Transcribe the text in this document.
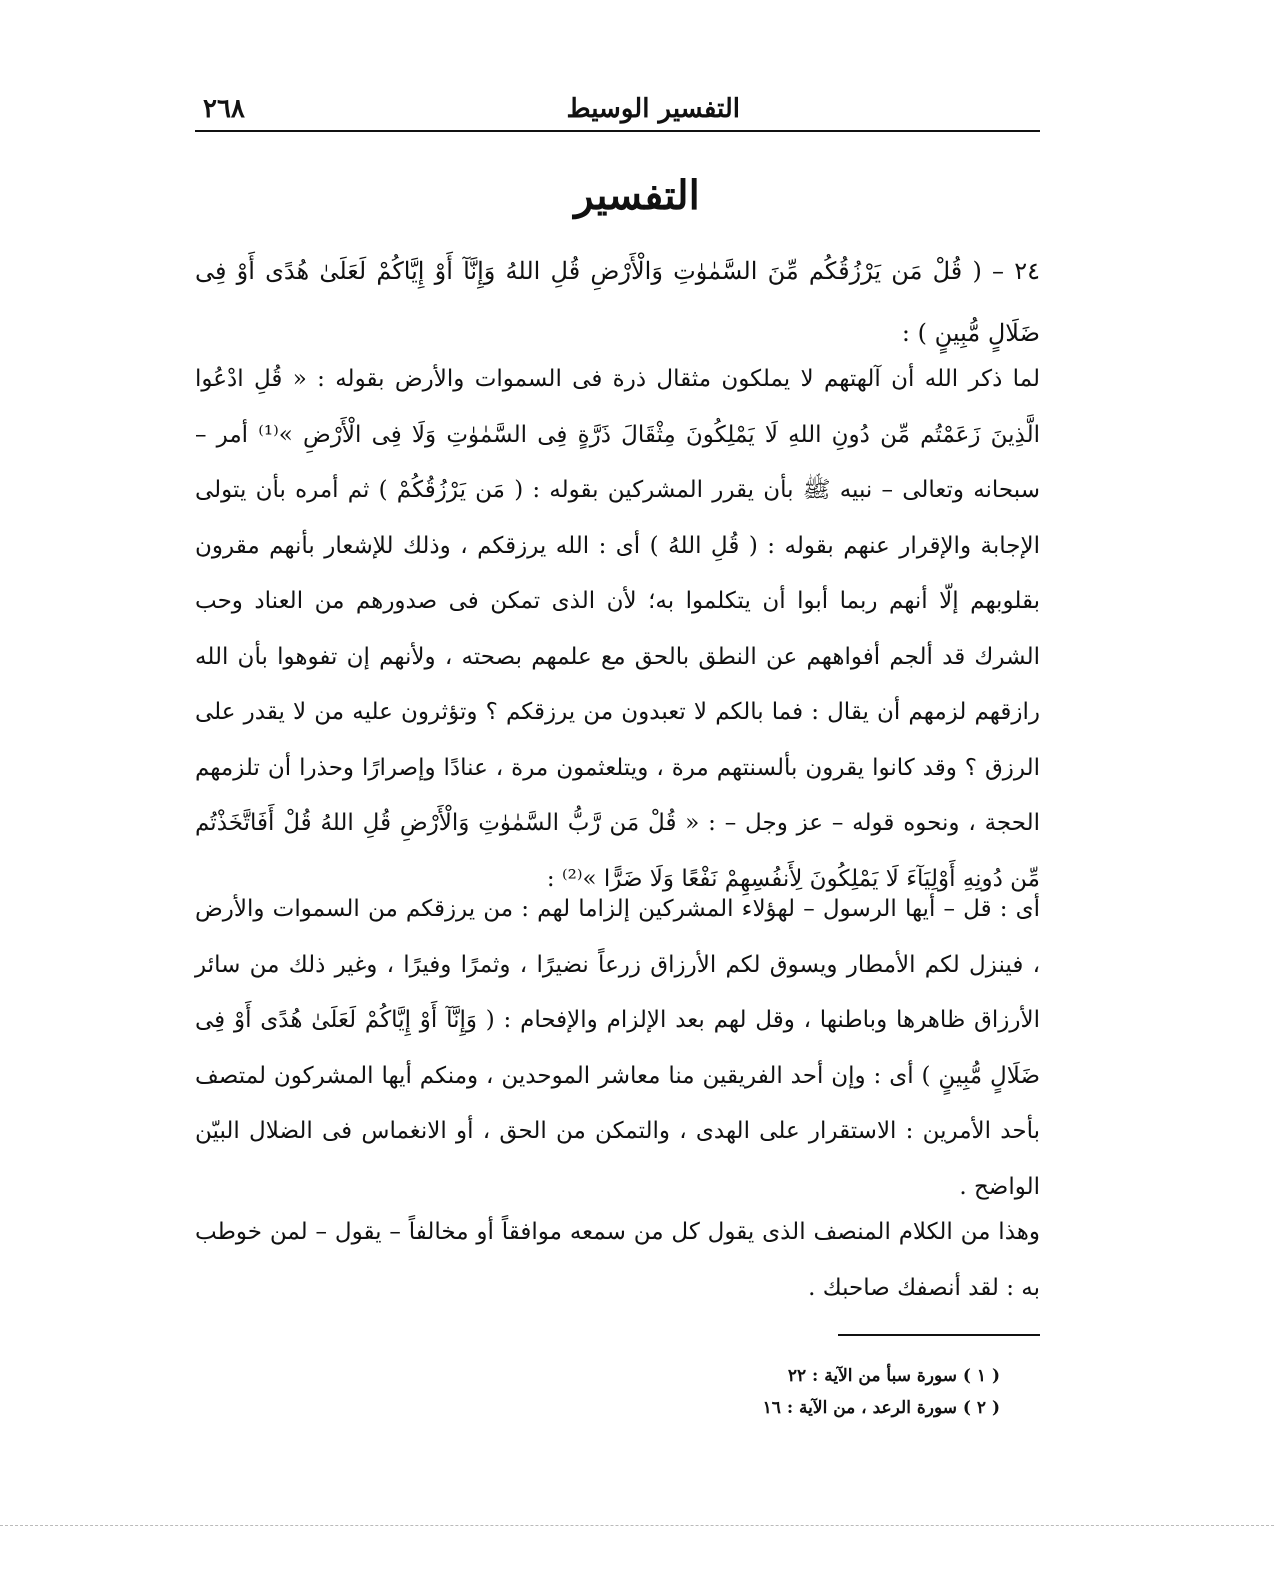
التفسير الوسيط
٢٦٨
التفسير

٢٤ – ( قُلْ مَن يَرْزُقُكُم مِّنَ السَّمٰوٰتِ وَالْأَرْضِ قُلِ اللهُ وَإِنَّآ أَوْ إِيَّاكُمْ لَعَلَىٰ هُدًى أَوْ فِى ضَلَالٍ مُّبِينٍ ) :

لما ذكر الله أن آلهتهم لا يملكون مثقال ذرة فى السموات والأرض بقوله : « قُلِ ادْعُوا الَّذِينَ زَعَمْتُم مِّن دُونِ اللهِ لَا يَمْلِكُونَ مِثْقَالَ ذَرَّةٍ فِى السَّمٰوٰتِ وَلَا فِى الْأَرْضِ »⁽¹⁾ أمر – سبحانه وتعالى – نبيه ﷺ بأن يقرر المشركين بقوله : ( مَن يَرْزُقُكُمْ ) ثم أمره بأن يتولى الإجابة والإقرار عنهم بقوله : ( قُلِ اللهُ ) أى : الله يرزقكم ، وذلك للإشعار بأنهم مقرون بقلوبهم إلّا أنهم ربما أبوا أن يتكلموا به؛ لأن الذى تمكن فى صدورهم من العناد وحب الشرك قد ألجم أفواههم عن النطق بالحق مع علمهم بصحته ، ولأنهم إن تفوهوا بأن الله رازقهم لزمهم أن يقال : فما بالكم لا تعبدون من يرزقكم ؟ وتؤثرون عليه من لا يقدر على الرزق ؟ وقد كانوا يقرون بألسنتهم مرة ، ويتلعثمون مرة ، عنادًا وإصرارًا وحذرا أن تلزمهم الحجة ، ونحوه قوله – عز وجل – : « قُلْ مَن رَّبُّ السَّمٰوٰتِ وَالْأَرْضِ قُلِ اللهُ قُلْ أَفَاتَّخَذْتُم مِّن دُونِهِ أَوْلِيَآءَ لَا يَمْلِكُونَ لِأَنفُسِهِمْ نَفْعًا وَلَا ضَرًّا »⁽²⁾ :

أى : قل – أيها الرسول – لهؤلاء المشركين إلزاما لهم : من يرزقكم من السموات والأرض ، فينزل لكم الأمطار ويسوق لكم الأرزاق زرعاً نضيرًا ، وثمرًا وفيرًا ، وغير ذلك من سائر الأرزاق ظاهرها وباطنها ، وقل لهم بعد الإلزام والإفحام : ( وَإِنَّآ أَوْ إِيَّاكُمْ لَعَلَىٰ هُدًى أَوْ فِى ضَلَالٍ مُّبِينٍ ) أى : وإن أحد الفريقين منا معاشر الموحدين ، ومنكم أيها المشركون لمتصف بأحد الأمرين : الاستقرار على الهدى ، والتمكن من الحق ، أو الانغماس فى الضلال البيّن الواضح .

وهذا من الكلام المنصف الذى يقول كل من سمعه موافقاً أو مخالفاً – يقول – لمن خوطب به : لقد أنصفك صاحبك .

( ١ ) سورة سبأ من الآية : ٢٢
( ٢ ) سورة الرعد ، من الآية : ١٦
